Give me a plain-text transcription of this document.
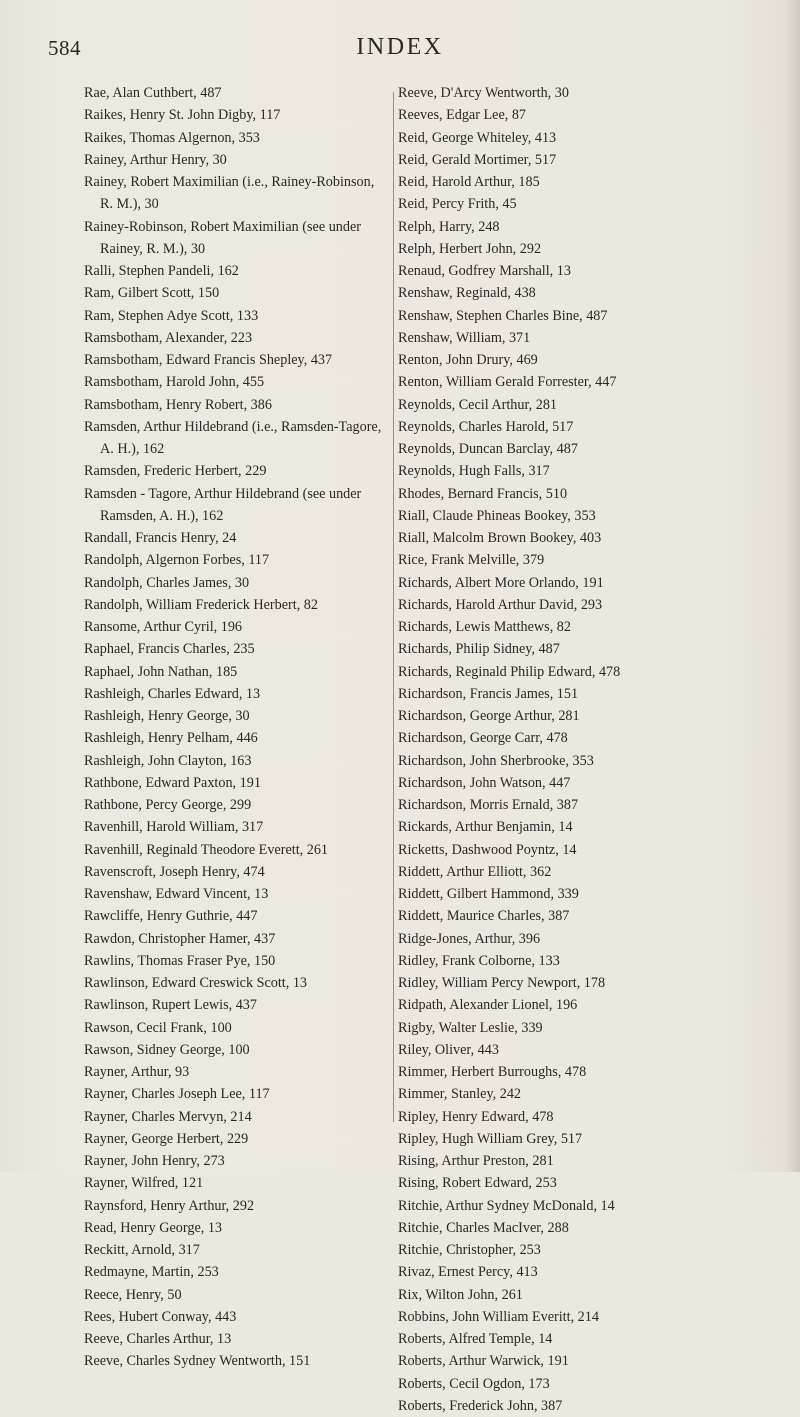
584	INDEX
Rae, Alan Cuthbert, 487
Raikes, Henry St. John Digby, 117
Raikes, Thomas Algernon, 353
Rainey, Arthur Henry, 30
Rainey, Robert Maximilian (i.e., Rainey-Robinson, R. M.), 30
Rainey-Robinson, Robert Maximilian (see under Rainey, R. M.), 30
Ralli, Stephen Pandeli, 162
Ram, Gilbert Scott, 150
Ram, Stephen Adye Scott, 133
Ramsbotham, Alexander, 223
Ramsbotham, Edward Francis Shepley, 437
Ramsbotham, Harold John, 455
Ramsbotham, Henry Robert, 386
Ramsden, Arthur Hildebrand (i.e., Ramsden-Tagore, A. H.), 162
Ramsden, Frederic Herbert, 229
Ramsden - Tagore, Arthur Hildebrand (see under Ramsden, A. H.), 162
Randall, Francis Henry, 24
Randolph, Algernon Forbes, 117
Randolph, Charles James, 30
Randolph, William Frederick Herbert, 82
Ransome, Arthur Cyril, 196
Raphael, Francis Charles, 235
Raphael, John Nathan, 185
Rashleigh, Charles Edward, 13
Rashleigh, Henry George, 30
Rashleigh, Henry Pelham, 446
Rashleigh, John Clayton, 163
Rathbone, Edward Paxton, 191
Rathbone, Percy George, 299
Ravenhill, Harold William, 317
Ravenhill, Reginald Theodore Everett, 261
Ravenscroft, Joseph Henry, 474
Ravenshaw, Edward Vincent, 13
Rawcliffe, Henry Guthrie, 447
Rawdon, Christopher Hamer, 437
Rawlins, Thomas Fraser Pye, 150
Rawlinson, Edward Creswick Scott, 13
Rawlinson, Rupert Lewis, 437
Rawson, Cecil Frank, 100
Rawson, Sidney George, 100
Rayner, Arthur, 93
Rayner, Charles Joseph Lee, 117
Rayner, Charles Mervyn, 214
Rayner, George Herbert, 229
Rayner, John Henry, 273
Rayner, Wilfred, 121
Raynsford, Henry Arthur, 292
Read, Henry George, 13
Reckitt, Arnold, 317
Redmayne, Martin, 253
Reece, Henry, 50
Rees, Hubert Conway, 443
Reeve, Charles Arthur, 13
Reeve, Charles Sydney Wentworth, 151
Reeve, D'Arcy Wentworth, 30
Reeves, Edgar Lee, 87
Reid, George Whiteley, 413
Reid, Gerald Mortimer, 517
Reid, Harold Arthur, 185
Reid, Percy Frith, 45
Relph, Harry, 248
Relph, Herbert John, 292
Renaud, Godfrey Marshall, 13
Renshaw, Reginald, 438
Renshaw, Stephen Charles Bine, 487
Renshaw, William, 371
Renton, John Drury, 469
Renton, William Gerald Forrester, 447
Reynolds, Cecil Arthur, 281
Reynolds, Charles Harold, 517
Reynolds, Duncan Barclay, 487
Reynolds, Hugh Falls, 317
Rhodes, Bernard Francis, 510
Riall, Claude Phineas Bookey, 353
Riall, Malcolm Brown Bookey, 403
Rice, Frank Melville, 379
Richards, Albert More Orlando, 191
Richards, Harold Arthur David, 293
Richards, Lewis Matthews, 82
Richards, Philip Sidney, 487
Richards, Reginald Philip Edward, 478
Richardson, Francis James, 151
Richardson, George Arthur, 281
Richardson, George Carr, 478
Richardson, John Sherbrooke, 353
Richardson, John Watson, 447
Richardson, Morris Ernald, 387
Rickards, Arthur Benjamin, 14
Ricketts, Dashwood Poyntz, 14
Riddett, Arthur Elliott, 362
Riddett, Gilbert Hammond, 339
Riddett, Maurice Charles, 387
Ridge-Jones, Arthur, 396
Ridley, Frank Colborne, 133
Ridley, William Percy Newport, 178
Ridpath, Alexander Lionel, 196
Rigby, Walter Leslie, 339
Riley, Oliver, 443
Rimmer, Herbert Burroughs, 478
Rimmer, Stanley, 242
Ripley, Henry Edward, 478
Ripley, Hugh William Grey, 517
Rising, Arthur Preston, 281
Rising, Robert Edward, 253
Ritchie, Arthur Sydney McDonald, 14
Ritchie, Charles MacIver, 288
Ritchie, Christopher, 253
Rivaz, Ernest Percy, 413
Rix, Wilton John, 261
Robbins, John William Everitt, 214
Roberts, Alfred Temple, 14
Roberts, Arthur Warwick, 191
Roberts, Cecil Ogdon, 173
Roberts, Frederick John, 387
